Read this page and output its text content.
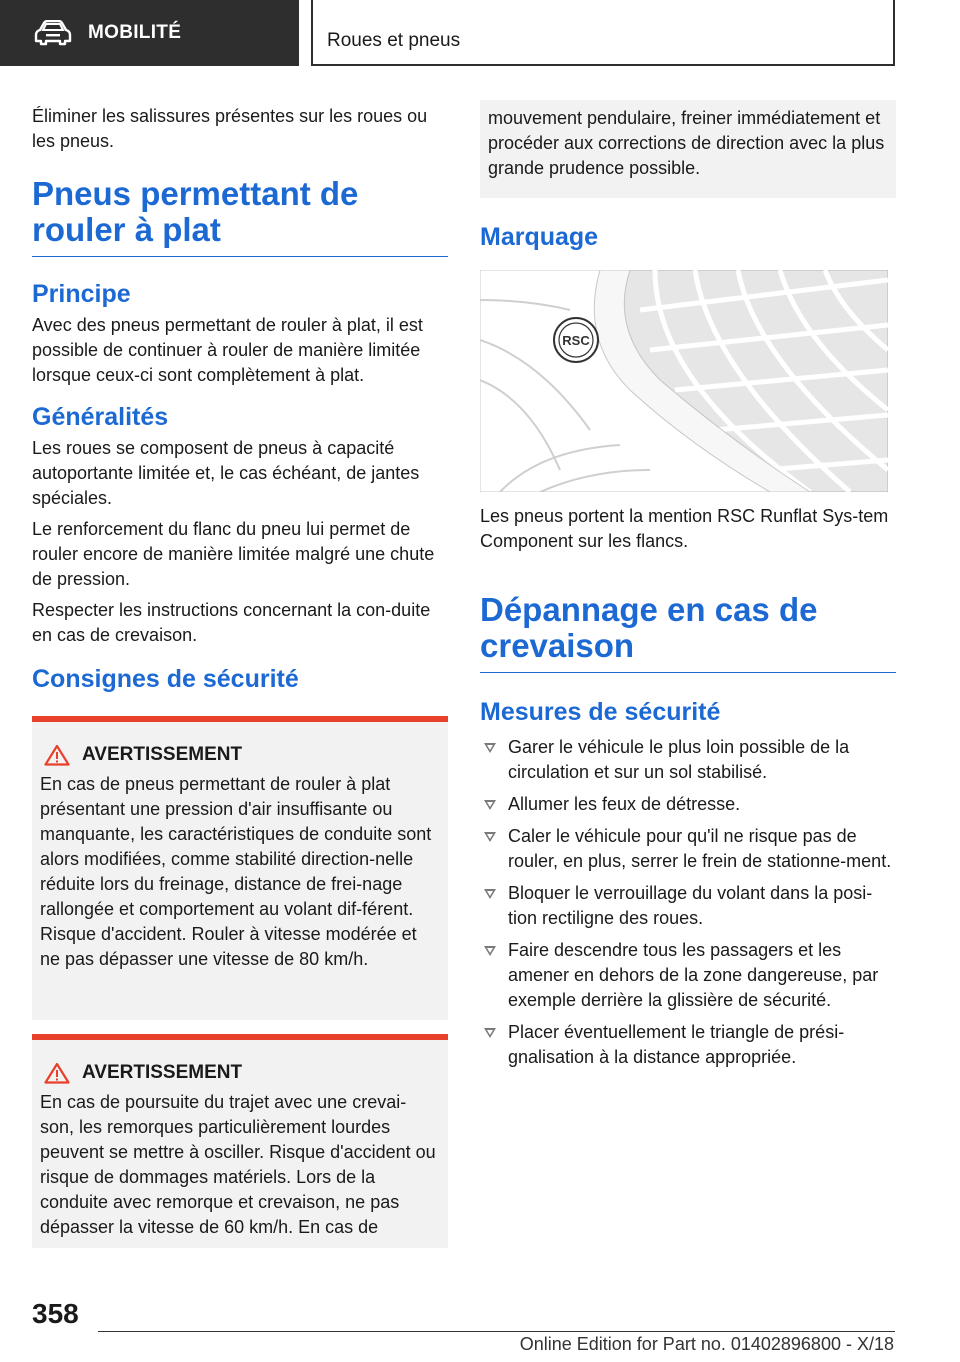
MOBILITÉ	Roues et pneus

Éliminer les salissures présentes sur les roues ou les pneus.

Pneus permettant de rouler à plat
Principe

Avec des pneus permettant de rouler à plat, il est possible de continuer à rouler de manière limitée lorsque ceux-ci sont complètement à plat.

Généralités

Les roues se composent de pneus à capacité autoportante limitée et, le cas échéant, de jantes spéciales.

Le renforcement du flanc du pneu lui permet de rouler encore de manière limitée malgré une chute de pression.

Respecter les instructions concernant la con-duite en cas de crevaison.

Consignes de sécurité
AVERTISSEMENT

En cas de pneus permettant de rouler à plat présentant une pression d'air insuffisante ou manquante, les caractéristiques de conduite sont alors modifiées, comme stabilité direction-nelle réduite lors du freinage, distance de frei-nage rallongée et comportement au volant dif-férent. Risque d'accident. Rouler à vitesse modérée et ne pas dépasser une vitesse de 80 km/h.

AVERTISSEMENT

En cas de poursuite du trajet avec une crevai-son, les remorques particulièrement lourdes peuvent se mettre à osciller. Risque d'accident ou risque de dommages matériels. Lors de la conduite avec remorque et crevaison, ne pas dépasser la vitesse de 60 km/h. En cas de

mouvement pendulaire, freiner immédiatement et procéder aux corrections de direction avec la plus grande prudence possible.

Marquage
RSC

Les pneus portent la mention RSC Runflat Sys-tem Component sur les flancs.

Dépannage en cas de crevaison
Mesures de sécurité
Garer le véhicule le plus loin possible de la circulation et sur un sol stabilisé.
Allumer les feux de détresse.
Caler le véhicule pour qu'il ne risque pas de rouler, en plus, serrer le frein de stationne-ment.
Bloquer le verrouillage du volant dans la posi-tion rectiligne des roues.
Faire descendre tous les passagers et les amener en dehors de la zone dangereuse, par exemple derrière la glissière de sécurité.
Placer éventuellement le triangle de prési-gnalisation à la distance appropriée.
358
Online Edition for Part no. 01402896800 - X/18
